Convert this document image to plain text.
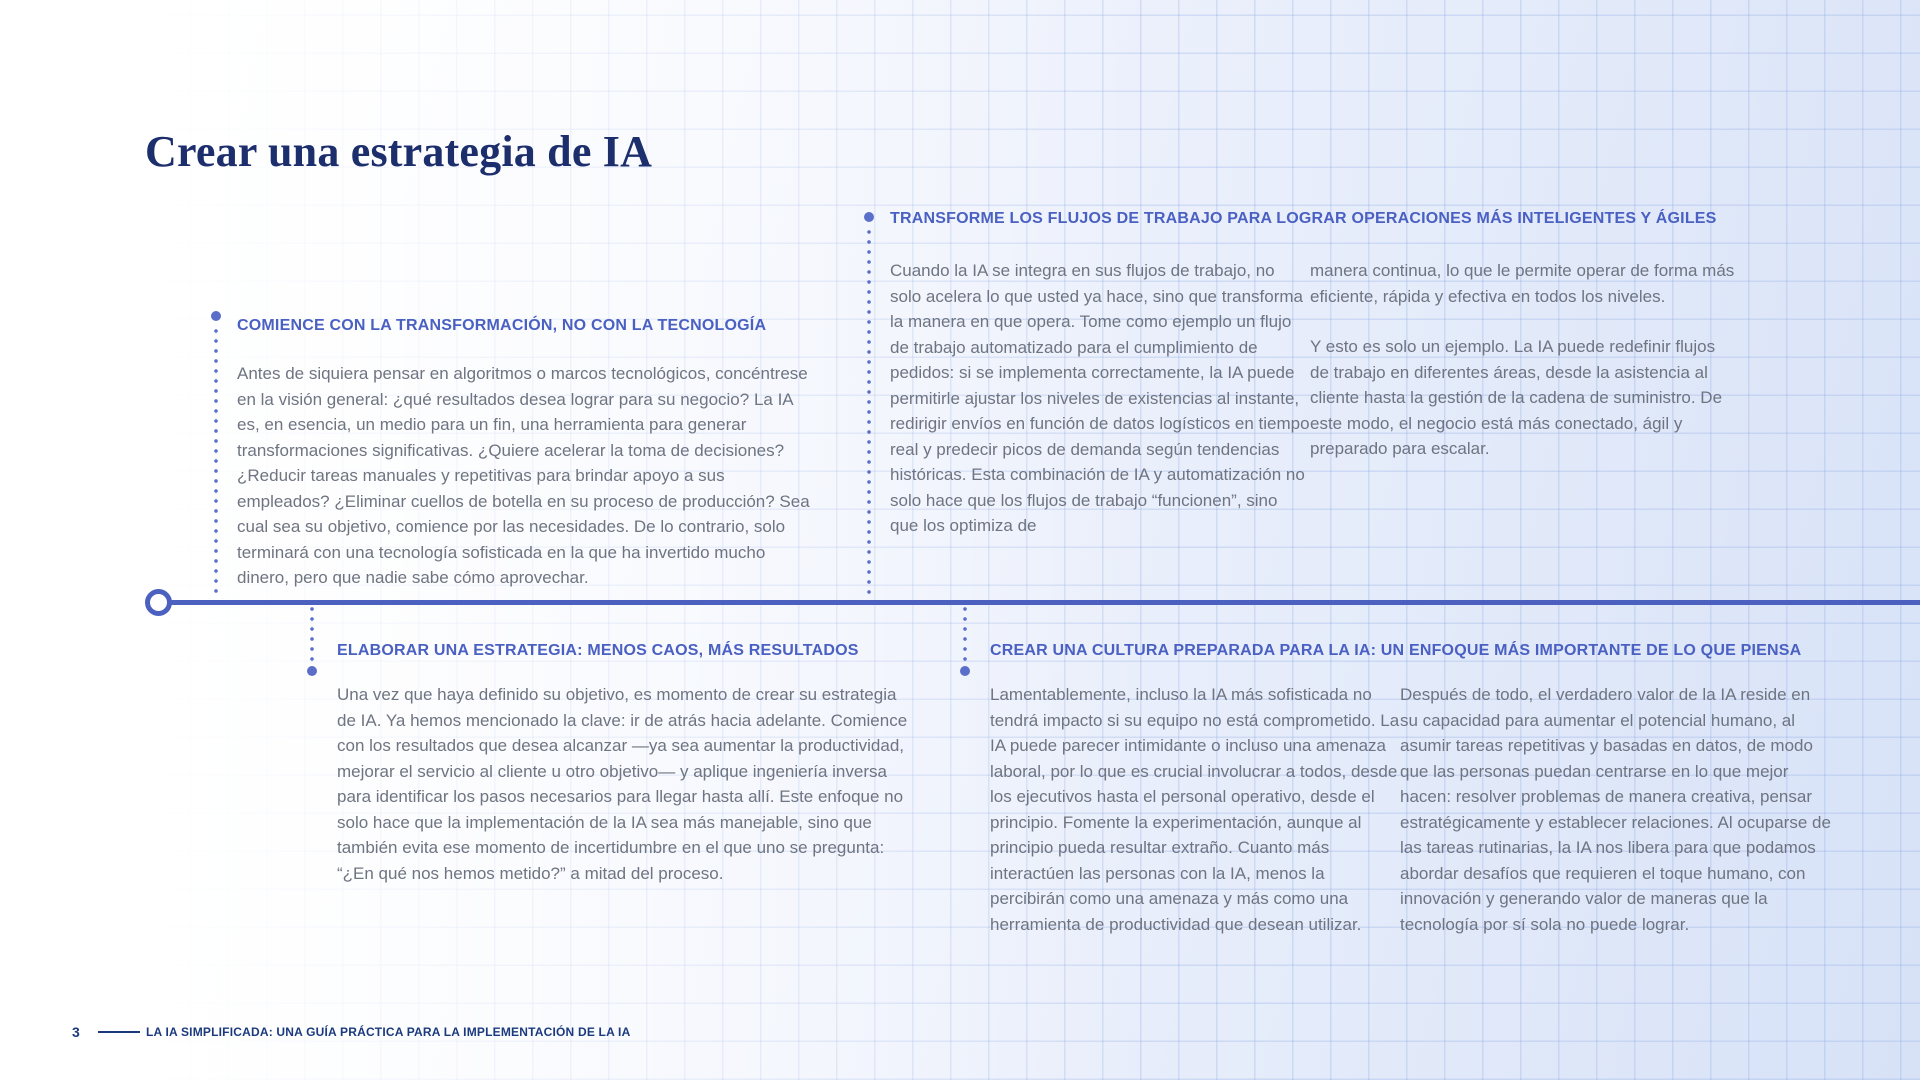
Crear una estrategia de IA
COMIENCE CON LA TRANSFORMACIÓN, NO CON LA TECNOLOGÍA
Antes de siquiera pensar en algoritmos o marcos tecnológicos, concéntrese en la visión general: ¿qué resultados desea lograr para su negocio? La IA es, en esencia, un medio para un fin, una herramienta para generar transformaciones significativas. ¿Quiere acelerar la toma de decisiones? ¿Reducir tareas manuales y repetitivas para brindar apoyo a sus empleados? ¿Eliminar cuellos de botella en su proceso de producción? Sea cual sea su objetivo, comience por las necesidades. De lo contrario, solo terminará con una tecnología sofisticada en la que ha invertido mucho dinero, pero que nadie sabe cómo aprovechar.
TRANSFORME LOS FLUJOS DE TRABAJO PARA LOGRAR OPERACIONES MÁS INTELIGENTES Y ÁGILES
Cuando la IA se integra en sus flujos de trabajo, no solo acelera lo que usted ya hace, sino que transforma la manera en que opera. Tome como ejemplo un flujo de trabajo automatizado para el cumplimiento de pedidos: si se implementa correctamente, la IA puede permitirle ajustar los niveles de existencias al instante, redirigir envíos en función de datos logísticos en tiempo real y predecir picos de demanda según tendencias históricas. Esta combinación de IA y automatización no solo hace que los flujos de trabajo “funcionen”, sino que los optimiza de

manera continua, lo que le permite operar de forma más eficiente, rápida y efectiva en todos los niveles.

Y esto es solo un ejemplo. La IA puede redefinir flujos de trabajo en diferentes áreas, desde la asistencia al cliente hasta la gestión de la cadena de suministro. De este modo, el negocio está más conectado, ágil y preparado para escalar.

ELABORAR UNA ESTRATEGIA: MENOS CAOS, MÁS RESULTADOS
Una vez que haya definido su objetivo, es momento de crear su estrategia de IA. Ya hemos mencionado la clave: ir de atrás hacia adelante. Comience con los resultados que desea alcanzar —ya sea aumentar la productividad, mejorar el servicio al cliente u otro objetivo— y aplique ingeniería inversa para identificar los pasos necesarios para llegar hasta allí. Este enfoque no solo hace que la implementación de la IA sea más manejable, sino que también evita ese momento de incertidumbre en el que uno se pregunta: “¿En qué nos hemos metido?” a mitad del proceso.
CREAR UNA CULTURA PREPARADA PARA LA IA: UN ENFOQUE MÁS IMPORTANTE DE LO QUE PIENSA
Lamentablemente, incluso la IA más sofisticada no tendrá impacto si su equipo no está comprometido. La IA puede parecer intimidante o incluso una amenaza laboral, por lo que es crucial involucrar a todos, desde los ejecutivos hasta el personal operativo, desde el principio. Fomente la experimentación, aunque al principio pueda resultar extraño. Cuanto más interactúen las personas con la IA, menos la percibirán como una amenaza y más como una herramienta de productividad que desean utilizar.
Después de todo, el verdadero valor de la IA reside en su capacidad para aumentar el potencial humano, al asumir tareas repetitivas y basadas en datos, de modo que las personas puedan centrarse en lo que mejor hacen: resolver problemas de manera creativa, pensar estratégicamente y establecer relaciones. Al ocuparse de las tareas rutinarias, la IA nos libera para que podamos abordar desafíos que requieren el toque humano, con innovación y generando valor de maneras que la tecnología por sí sola no puede lograr.
3	LA IA SIMPLIFICADA: UNA GUÍA PRÁCTICA PARA LA IMPLEMENTACIÓN DE LA IA
